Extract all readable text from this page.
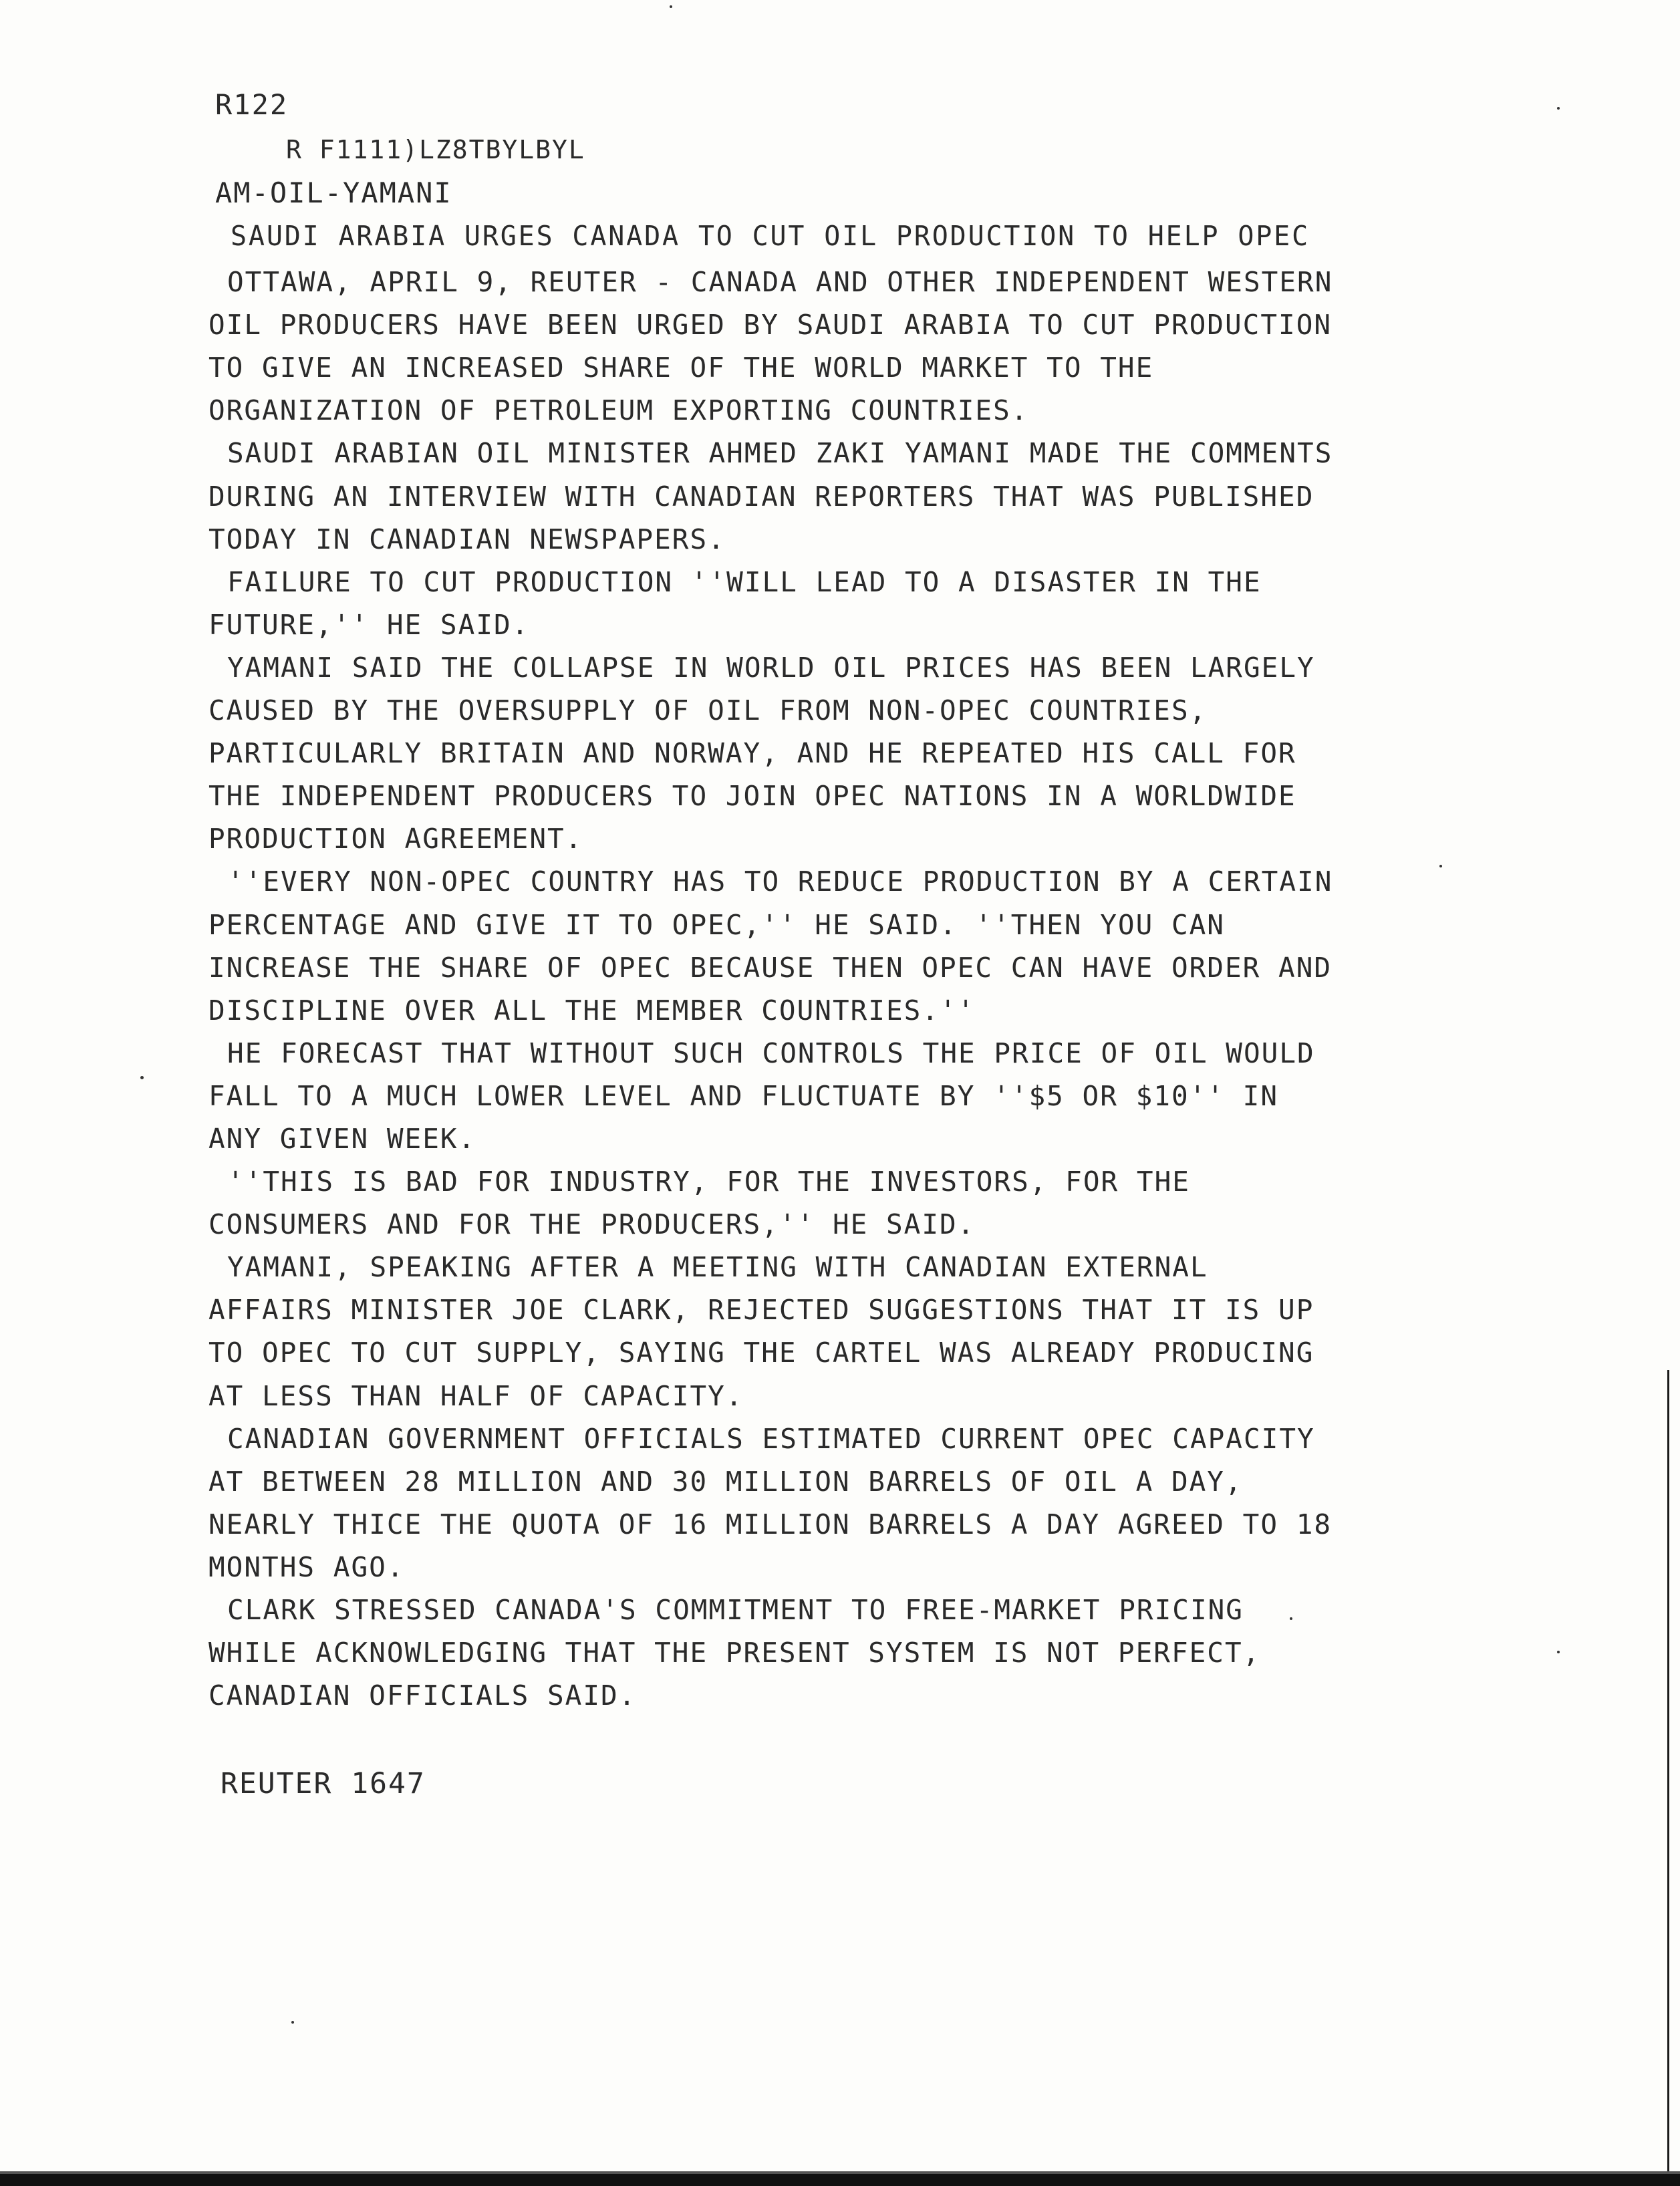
R122
R F1111)LZ8TBYLBYL
AM-OIL-YAMANI
SAUDI ARABIA URGES CANADA TO CUT OIL PRODUCTION TO HELP OPEC
OTTAWA, APRIL 9, REUTER - CANADA AND OTHER INDEPENDENT WESTERN
OIL PRODUCERS HAVE BEEN URGED BY SAUDI ARABIA TO CUT PRODUCTION
TO GIVE AN INCREASED SHARE OF THE WORLD MARKET TO THE
ORGANIZATION OF PETROLEUM EXPORTING COUNTRIES.
SAUDI ARABIAN OIL MINISTER AHMED ZAKI YAMANI MADE THE COMMENTS
DURING AN INTERVIEW WITH CANADIAN REPORTERS THAT WAS PUBLISHED
TODAY IN CANADIAN NEWSPAPERS.
FAILURE TO CUT PRODUCTION ''WILL LEAD TO A DISASTER IN THE
FUTURE,'' HE SAID.
YAMANI SAID THE COLLAPSE IN WORLD OIL PRICES HAS BEEN LARGELY
CAUSED BY THE OVERSUPPLY OF OIL FROM NON-OPEC COUNTRIES,
PARTICULARLY BRITAIN AND NORWAY, AND HE REPEATED HIS CALL FOR
THE INDEPENDENT PRODUCERS TO JOIN OPEC NATIONS IN A WORLDWIDE
PRODUCTION AGREEMENT.
''EVERY NON-OPEC COUNTRY HAS TO REDUCE PRODUCTION BY A CERTAIN
PERCENTAGE AND GIVE IT TO OPEC,'' HE SAID. ''THEN YOU CAN
INCREASE THE SHARE OF OPEC BECAUSE THEN OPEC CAN HAVE ORDER AND
DISCIPLINE OVER ALL THE MEMBER COUNTRIES.''
HE FORECAST THAT WITHOUT SUCH CONTROLS THE PRICE OF OIL WOULD
FALL TO A MUCH LOWER LEVEL AND FLUCTUATE BY ''$5 OR $10'' IN
ANY GIVEN WEEK.
''THIS IS BAD FOR INDUSTRY, FOR THE INVESTORS, FOR THE
CONSUMERS AND FOR THE PRODUCERS,'' HE SAID.
YAMANI, SPEAKING AFTER A MEETING WITH CANADIAN EXTERNAL
AFFAIRS MINISTER JOE CLARK, REJECTED SUGGESTIONS THAT IT IS UP
TO OPEC TO CUT SUPPLY, SAYING THE CARTEL WAS ALREADY PRODUCING
AT LESS THAN HALF OF CAPACITY.
CANADIAN GOVERNMENT OFFICIALS ESTIMATED CURRENT OPEC CAPACITY
AT BETWEEN 28 MILLION AND 30 MILLION BARRELS OF OIL A DAY,
NEARLY THICE THE QUOTA OF 16 MILLION BARRELS A DAY AGREED TO 18
MONTHS AGO.
CLARK STRESSED CANADA'S COMMITMENT TO FREE-MARKET PRICING
WHILE ACKNOWLEDGING THAT THE PRESENT SYSTEM IS NOT PERFECT,
CANADIAN OFFICIALS SAID.
REUTER 1647
